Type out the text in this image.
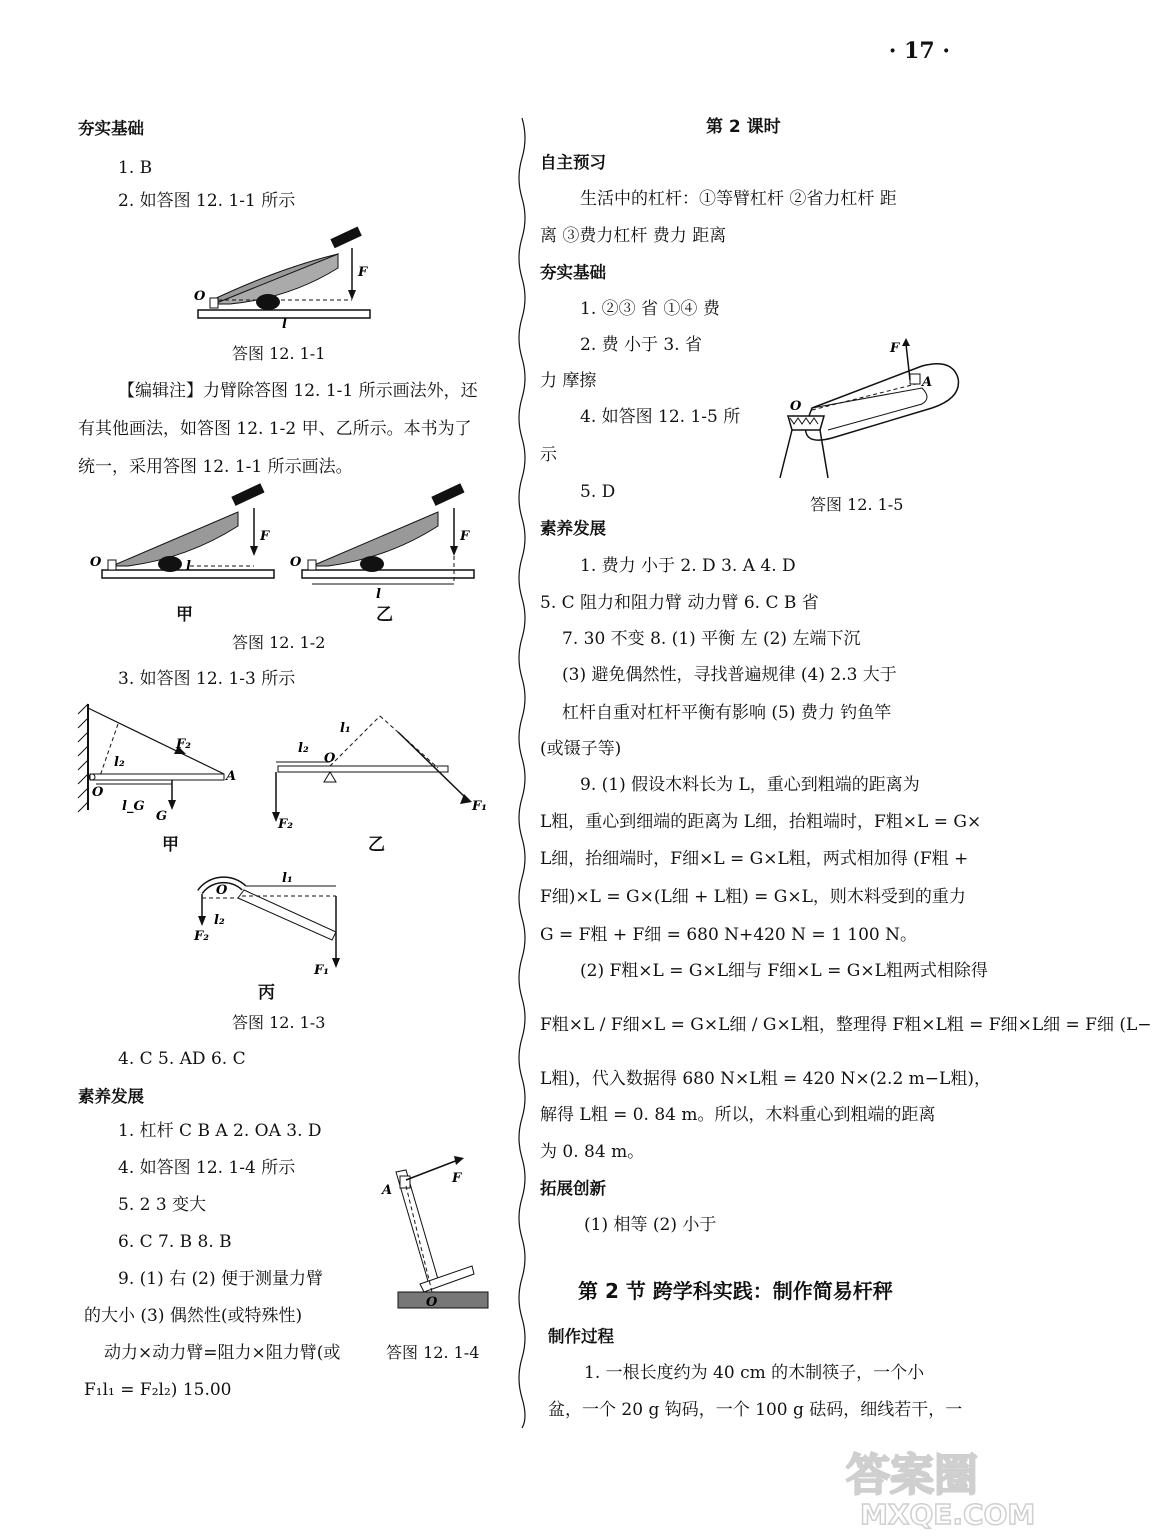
· 17 ·
夯实基础
1. B
2. 如答图 12. 1-1 所示
O
F
l
答图 12. 1-1
【编辑注】力臂除答图 12. 1-1 所示画法外，还
有其他画法，如答图 12. 1-2 甲、乙所示。本书为了
统一，采用答图 12. 1-1 所示画法。
O
F
l	O
F
l
甲	乙
答图 12. 1-2
3. 如答图 12. 1-3 所示
F₂
l₂
A
O
l_G
G
l₂
l₁
O
F₂
F₁
甲	乙
O
l₁
l₂
F₂
F₁
丙
答图 12. 1-3
4. C 5. AD 6. C
素养发展
1. 杠杆 C B A 2. OA 3. D
4. 如答图 12. 1-4 所示
5. 2 3 变大
6. C 7. B 8. B
9. (1) 右 (2) 便于测量力臂
的大小 (3) 偶然性(或特殊性)
动力×动力臂=阻力×阻力臂(或
F₁l₁ = F₂l₂) 15.00
A
F
O
答图 12. 1-4
第 2 课时
自主预习
生活中的杠杆：①等臂杠杆 ②省力杠杆 距
离 ③费力杠杆 费力 距离
夯实基础
1. ②③ 省 ①④ 费
2. 费 小于 3. 省
力 摩擦
4. 如答图 12. 1-5 所
示
5. D
F
A
O
答图 12. 1-5
素养发展
1. 费力 小于 2. D 3. A 4. D
5. C 阻力和阻力臂 动力臂 6. C B 省
7. 30 不变 8. (1) 平衡 左 (2) 左端下沉
(3) 避免偶然性，寻找普遍规律 (4) 2.3 大于
杠杆自重对杠杆平衡有影响 (5) 费力 钓鱼竿
(或镊子等)
9. (1) 假设木料长为 L，重心到粗端的距离为
L粗，重心到细端的距离为 L细，抬粗端时，F粗×L = G×
L细，抬细端时，F细×L = G×L粗，两式相加得 (F粗 +
F细)×L = G×(L细 + L粗) = G×L，则木料受到的重力
G = F粗 + F细 = 680 N+420 N = 1 100 N。
(2) F粗×L = G×L细与 F细×L = G×L粗两式相除得
F粗×L / F细×L = G×L细 / G×L粗，整理得 F粗×L粗 = F细×L细 = F细 (L−
L粗)，代入数据得 680 N×L粗 = 420 N×(2.2 m−L粗)，
解得 L粗 = 0. 84 m。所以，木料重心到粗端的距离
为 0. 84 m。
拓展创新
(1) 相等 (2) 小于
第 2 节 跨学科实践：制作简易杆秤
制作过程
1. 一根长度约为 40 cm 的木制筷子，一个小
盆，一个 20 g 钩码，一个 100 g 砝码，细线若干，一
答案圈
MXQE.COM
